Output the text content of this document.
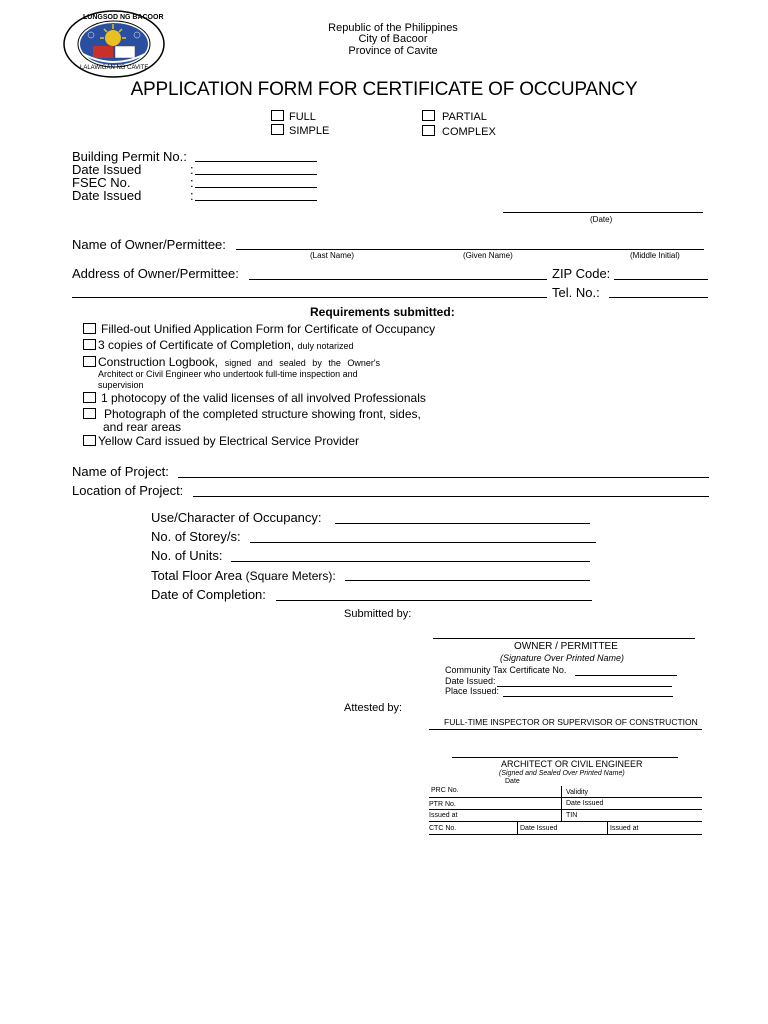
LUNGSOD NG BACOOR
LALAWIGAN NG CAVITE
Republic of the Philippines
City of Bacoor
Province of Cavite
APPLICATION FORM FOR CERTIFICATE OF OCCUPANCY
FULL
SIMPLE
PARTIAL
COMPLEX
Building Permit No.:
Date Issued	:
FSEC No.	:
Date Issued	:
(Date)
Name of Owner/Permittee:
(Last Name)	(Given Name)	(Middle Initial)
Address of Owner/Permittee:	ZIP Code:
Tel. No.:
Requirements submitted:
Filled-out Unified Application Form for Certificate of Occupancy
3 copies of Certificate of Completion, duly notarized
Construction Logbook, signed and sealed by the Owner's
Architect or Civil Engineer who undertook full-time inspection and
supervision
1 photocopy of the valid licenses of all involved Professionals
Photograph of the completed structure showing front, sides,
and rear areas
Yellow Card issued by Electrical Service Provider
Name of Project:
Location of Project:
Use/Character of Occupancy:
No. of Storey/s:
No. of Units:
Total Floor Area (Square Meters):
Date of Completion:
Submitted by:
OWNER / PERMITTEE
(Signature Over Printed Name)
Community Tax Certificate No.
Date Issued:
Place Issued:
Attested by:
FULL-TIME INSPECTOR OR SUPERVISOR OF CONSTRUCTION
ARCHITECT OR CIVIL ENGINEER
(Signed and Sealed Over Printed Name)
Date
PRC No.	Validity
PTR No.	Date Issued
Issued at	TIN
CTC No.	Date Issued	Issued at
